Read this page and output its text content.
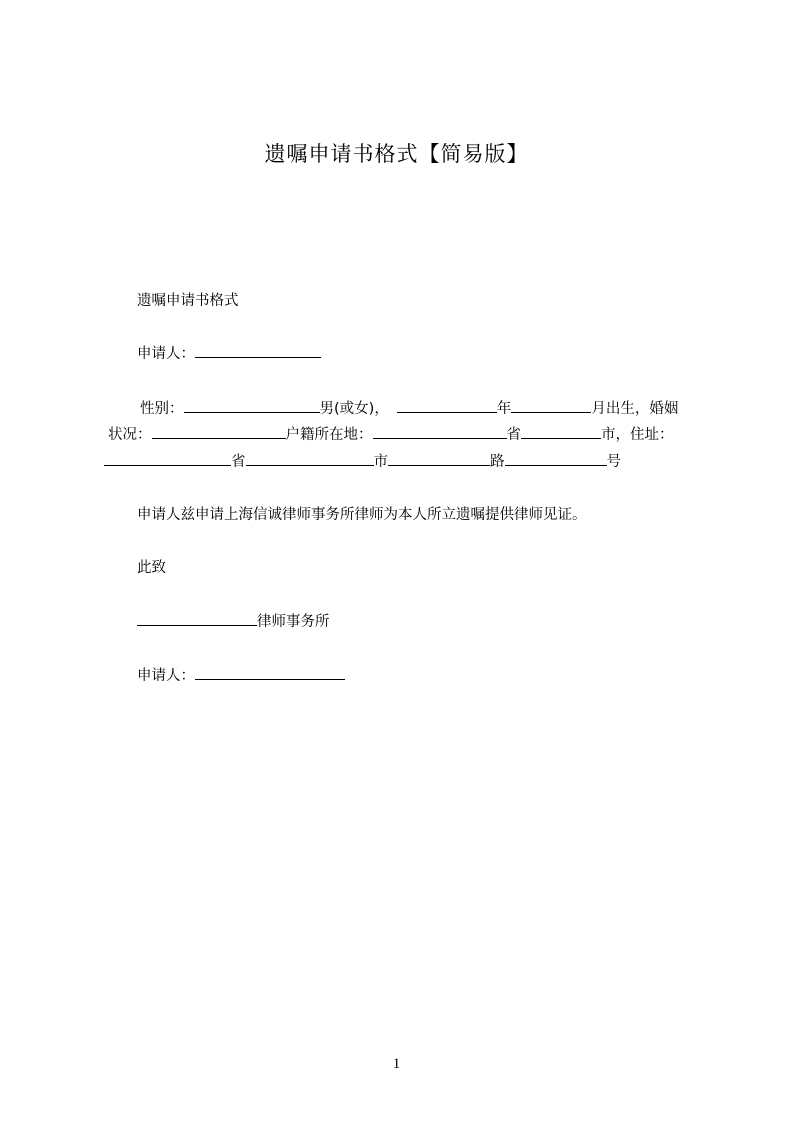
遗嘱申请书格式【简易版】
遗嘱申请书格式
申请人：
性别：	男(或女)，	年	月出生，婚姻
状况：	户籍所在地：	省	市，住址：
省	市	路	号
申请人兹申请上海信诚律师事务所律师为本人所立遗嘱提供律师见证。
此致
律师事务所
申请人：
1
